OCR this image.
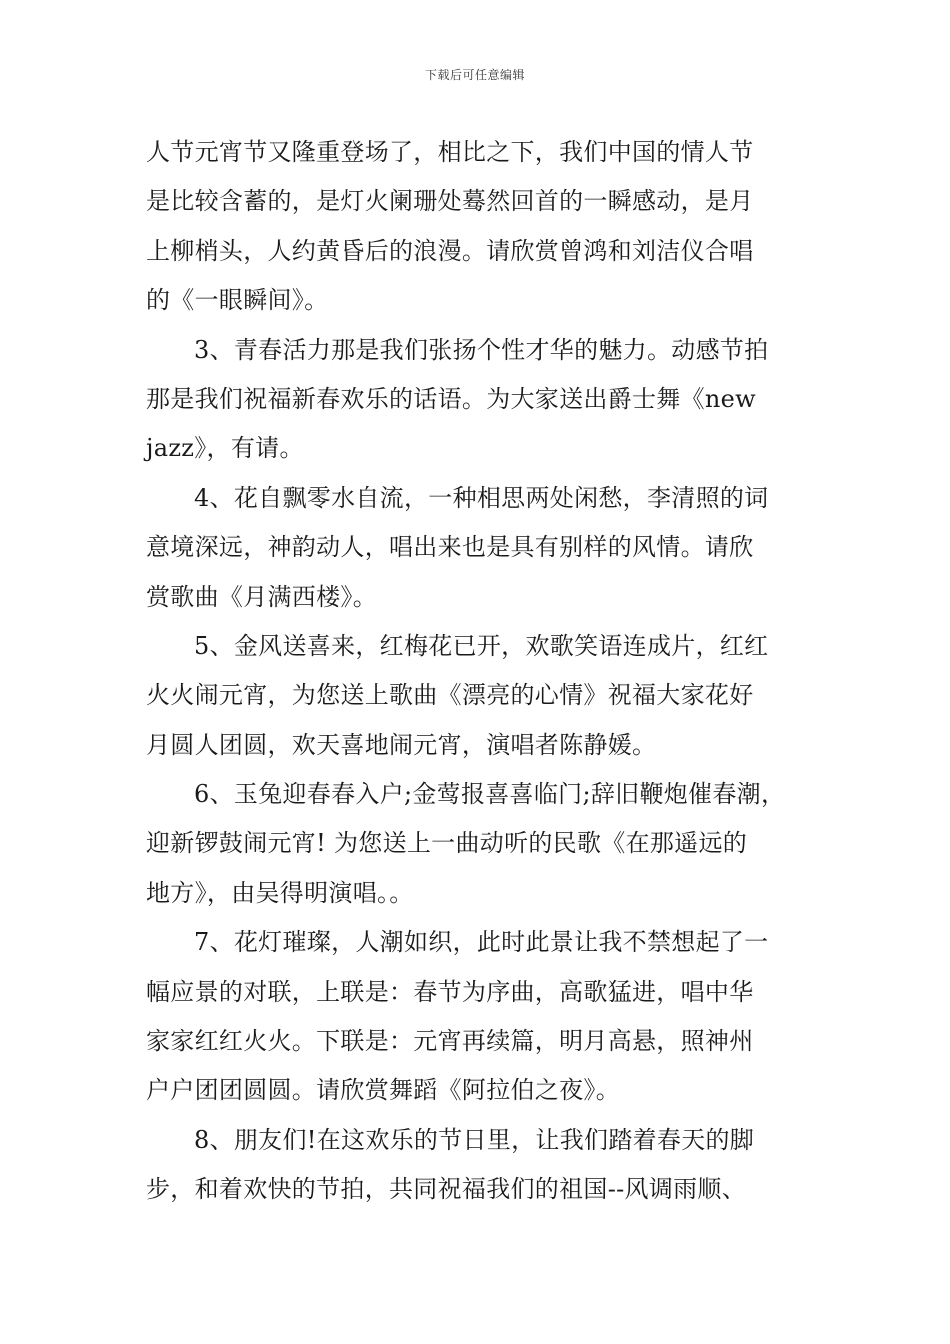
下载后可任意编辑
人节元宵节又隆重登场了，相比之下，我们中国的情人节
是比较含蓄的，是灯火阑珊处蓦然回首的一瞬感动，是月
上柳梢头，人约黄昏后的浪漫。请欣赏曾鸿和刘洁仪合唱
的《一眼瞬间》。
3、青春活力那是我们张扬个性才华的魅力。动感节拍
那是我们祝福新春欢乐的话语。为大家送出爵士舞《new
jazz》，有请。
4、花自飘零水自流，一种相思两处闲愁，李清照的词
意境深远，神韵动人，唱出来也是具有别样的风情。请欣
赏歌曲《月满西楼》。
5、金风送喜来，红梅花已开，欢歌笑语连成片，红红
火火闹元宵，为您送上歌曲《漂亮的心情》祝福大家花好
月圆人团圆，欢天喜地闹元宵，演唱者陈静媛。
6、玉兔迎春春入户;金莺报喜喜临门;辞旧鞭炮催春潮，
迎新锣鼓闹元宵! 为您送上一曲动听的民歌《在那遥远的
地方》，由吴得明演唱。。
7、花灯璀璨，人潮如织，此时此景让我不禁想起了一
幅应景的对联，上联是：春节为序曲，高歌猛进，唱中华
家家红红火火。下联是：元宵再续篇，明月高悬，照神州
户户团团圆圆。请欣赏舞蹈《阿拉伯之夜》。
8、朋友们!在这欢乐的节日里，让我们踏着春天的脚
步，和着欢快的节拍，共同祝福我们的祖国--风调雨顺、
